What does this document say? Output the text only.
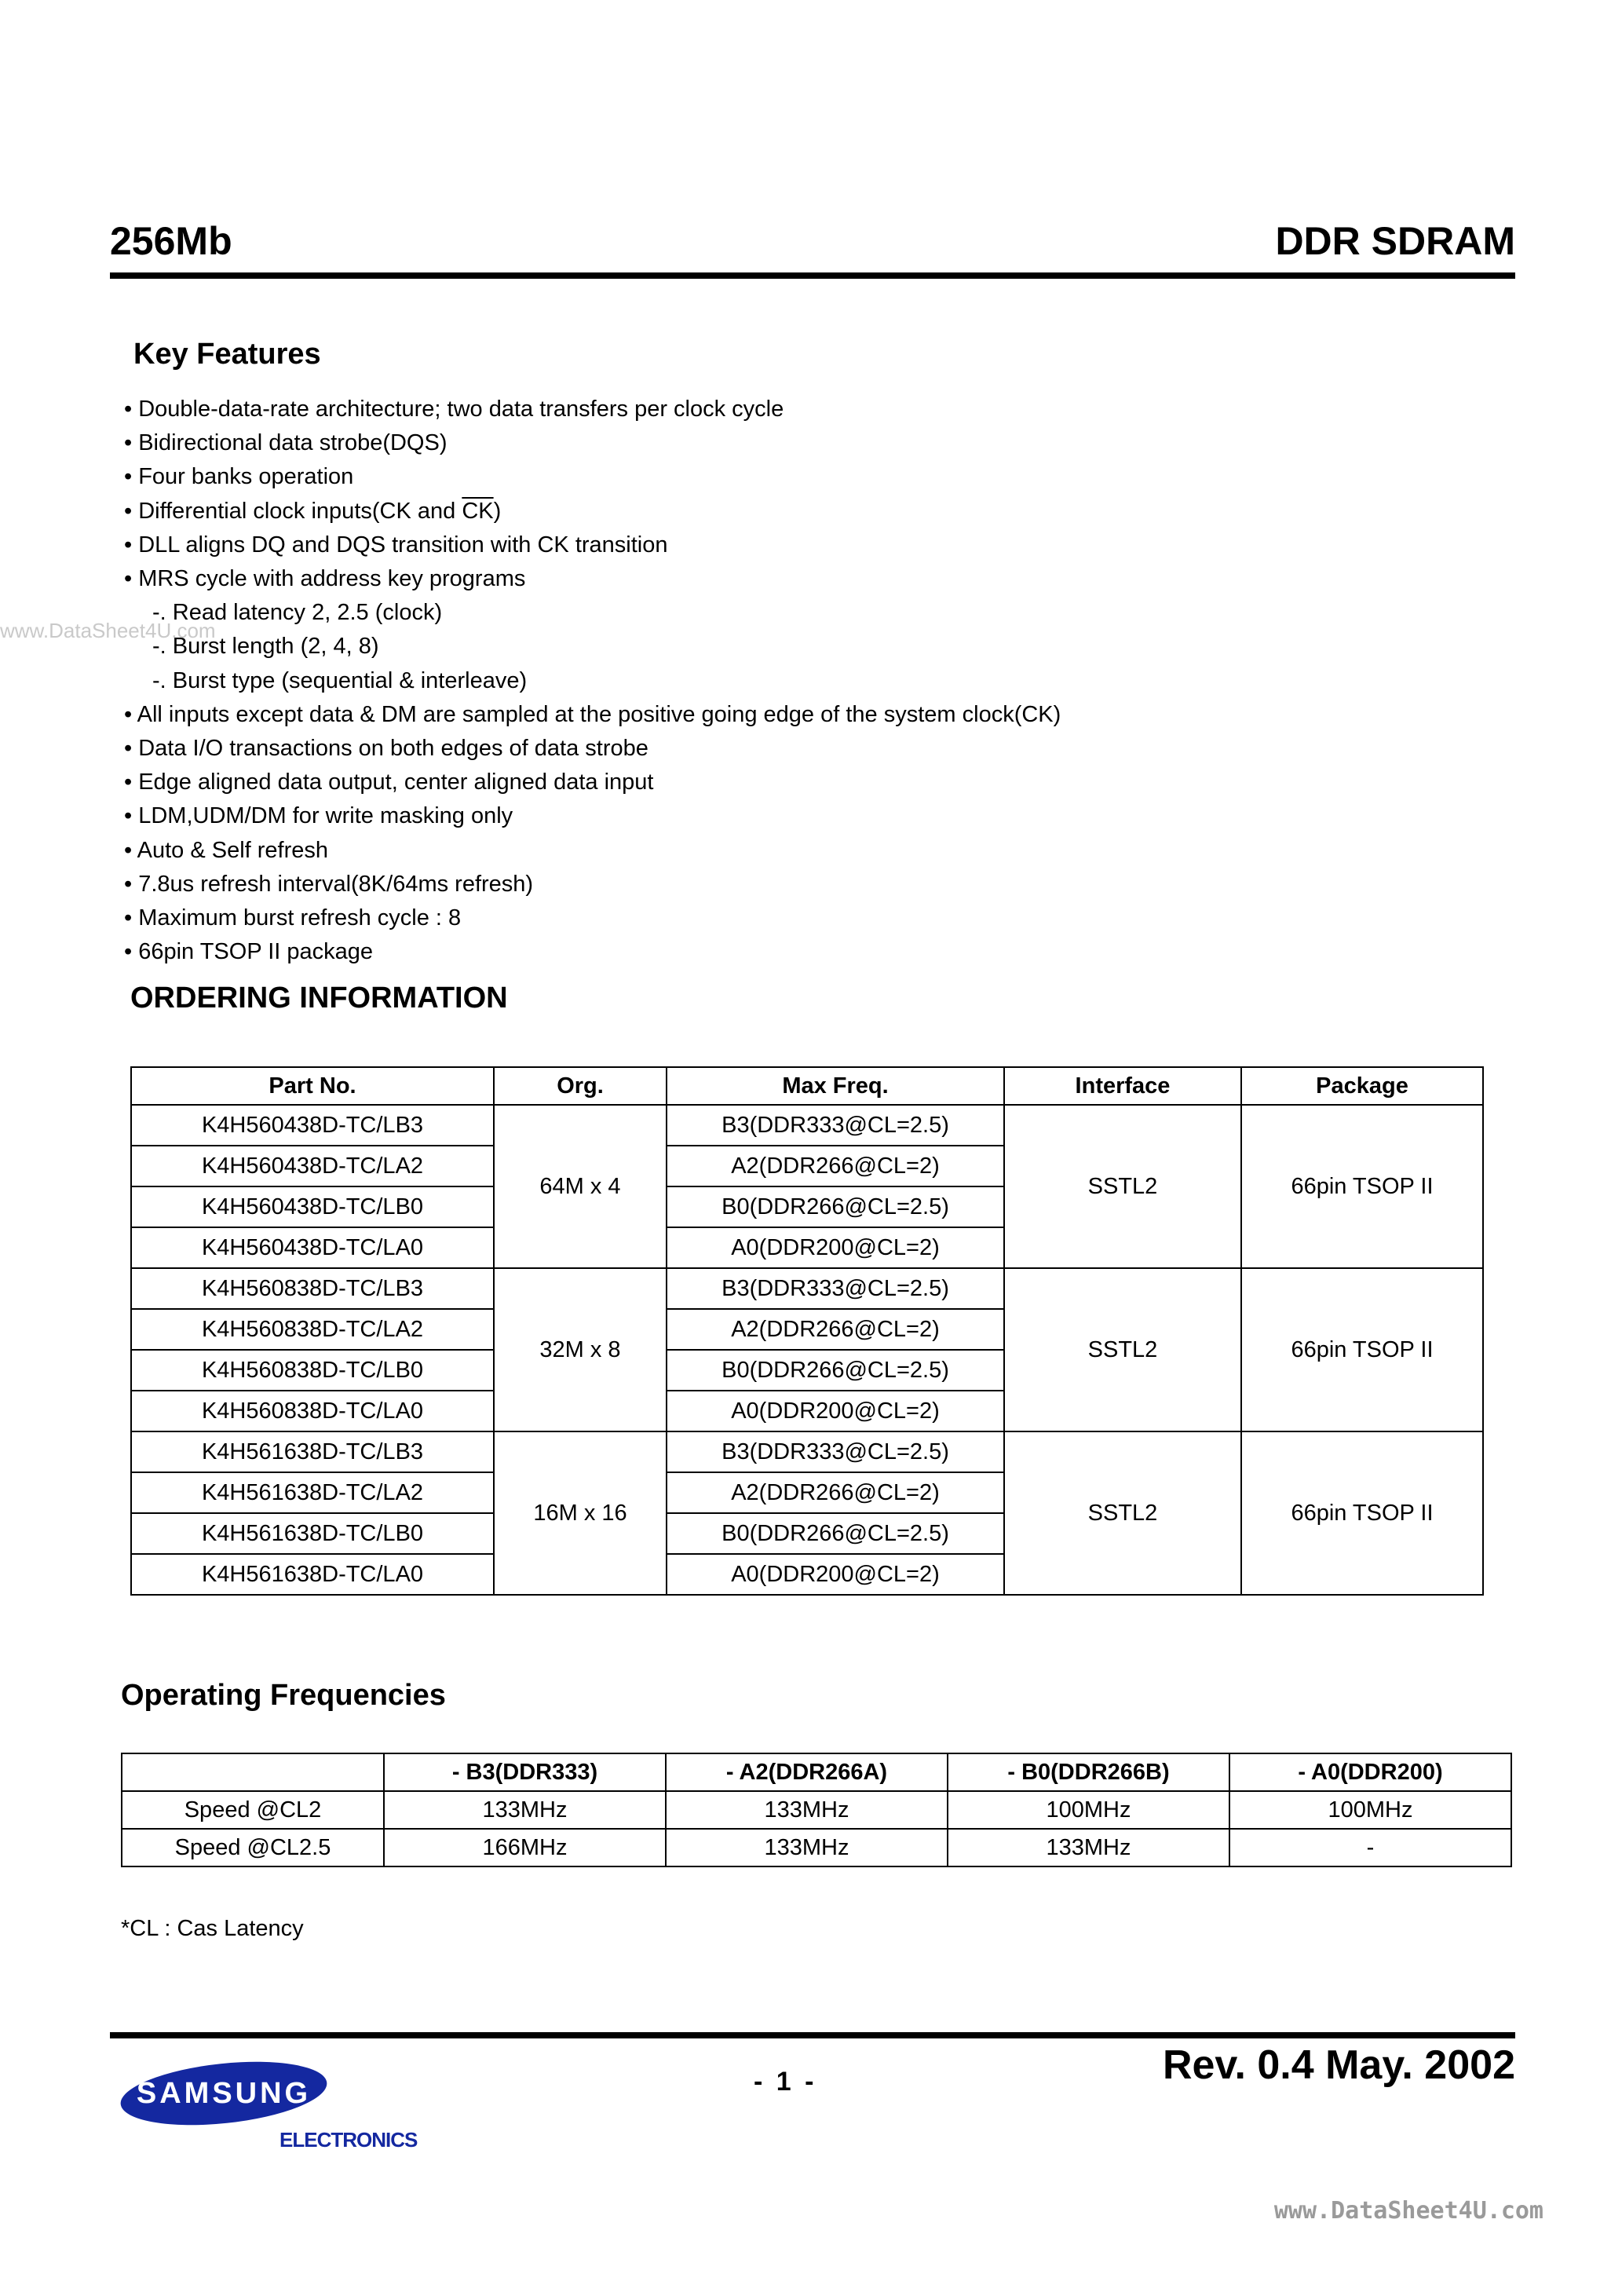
256Mb	DDR SDRAM
Key Features
www.DataSheet4U.com
• Double-data-rate architecture; two data transfers per clock cycle
• Bidirectional data strobe(DQS)
• Four banks operation
• Differential clock inputs(CK and $\overline{CK}$)
• DLL aligns DQ and DQS transition with CK transition
• MRS cycle with address key programs
-. Read latency 2, 2.5 (clock)
-. Burst length (2, 4, 8)
-. Burst type (sequential & interleave)
• All inputs except data & DM are sampled at the positive going edge of the system clock(CK)
• Data I/O transactions on both edges of data strobe
• Edge aligned data output, center aligned data input
• LDM,UDM/DM for write masking only
• Auto & Self refresh
• 7.8us refresh interval(8K/64ms refresh)
• Maximum burst refresh cycle : 8
• 66pin TSOP II package
ORDERING INFORMATION
Part No.	Org.	Max Freq.	Interface	Package
K4H560438D-TC/LB3	64M x 4	B3(DDR333@CL=2.5)	SSTL2	66pin TSOP II
K4H560438D-TC/LA2		A2(DDR266@CL=2)		
K4H560438D-TC/LB0		B0(DDR266@CL=2.5)		
K4H560438D-TC/LA0		A0(DDR200@CL=2)		
K4H560838D-TC/LB3	32M x 8	B3(DDR333@CL=2.5)	SSTL2	66pin TSOP II
K4H560838D-TC/LA2		A2(DDR266@CL=2)		
K4H560838D-TC/LB0		B0(DDR266@CL=2.5)		
K4H560838D-TC/LA0		A0(DDR200@CL=2)		
K4H561638D-TC/LB3	16M x 16	B3(DDR333@CL=2.5)	SSTL2	66pin TSOP II
K4H561638D-TC/LA2		A2(DDR266@CL=2)		
K4H561638D-TC/LB0		B0(DDR266@CL=2.5)		
K4H561638D-TC/LA0		A0(DDR200@CL=2)		
Operating Frequencies
	- B3(DDR333)	- A2(DDR266A)	- B0(DDR266B)	- A0(DDR200)
Speed @CL2	133MHz	133MHz	100MHz	100MHz
Speed @CL2.5	166MHz	133MHz	133MHz	-
*CL : Cas Latency
SAMSUNG
ELECTRONICS
- 1 -	Rev. 0.4 May. 2002
www.DataSheet4U.com
